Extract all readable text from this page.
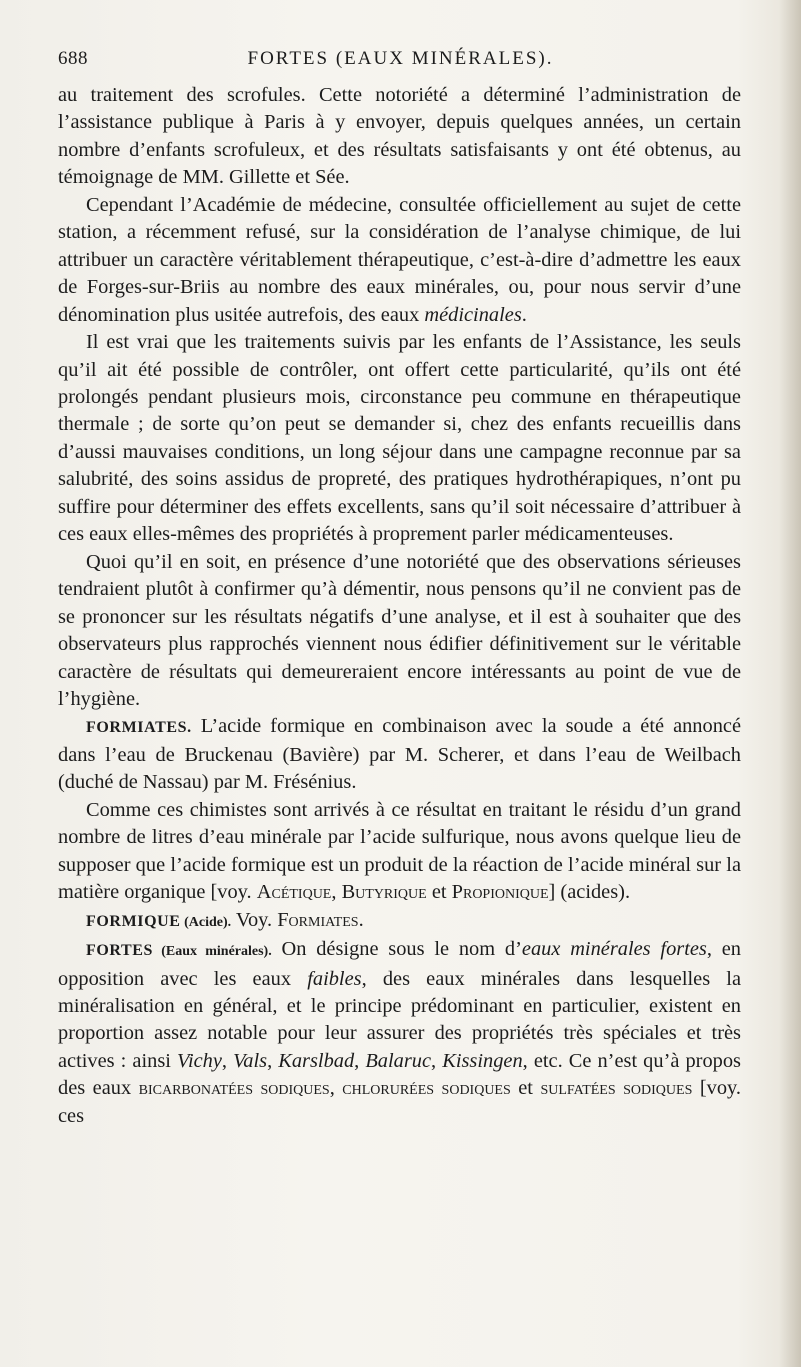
688	FORTES (EAUX MINÉRALES).

au traitement des scrofules. Cette notoriété a déterminé l’administration de l’assistance publique à Paris à y envoyer, depuis quelques années, un certain nombre d’enfants scrofuleux, et des résultats satisfaisants y ont été obtenus, au témoignage de MM. Gillette et Sée.

Cependant l’Académie de médecine, consultée officiellement au sujet de cette station, a récemment refusé, sur la considération de l’analyse chimique, de lui attribuer un caractère véritablement thérapeutique, c’est-à-dire d’admettre les eaux de Forges-sur-Briis au nombre des eaux minérales, ou, pour nous servir d’une dénomination plus usitée autrefois, des eaux médicinales.

Il est vrai que les traitements suivis par les enfants de l’Assistance, les seuls qu’il ait été possible de contrôler, ont offert cette particularité, qu’ils ont été prolongés pendant plusieurs mois, circonstance peu commune en thérapeutique thermale ; de sorte qu’on peut se demander si, chez des enfants recueillis dans d’aussi mauvaises conditions, un long séjour dans une campagne reconnue par sa salubrité, des soins assidus de propreté, des pratiques hydrothérapiques, n’ont pu suffire pour déterminer des effets excellents, sans qu’il soit nécessaire d’attribuer à ces eaux elles-mêmes des propriétés à proprement parler médicamenteuses.

Quoi qu’il en soit, en présence d’une notoriété que des observations sérieuses tendraient plutôt à confirmer qu’à démentir, nous pensons qu’il ne convient pas de se prononcer sur les résultats négatifs d’une analyse, et il est à souhaiter que des observateurs plus rapprochés viennent nous édifier définitivement sur le véritable caractère de résultats qui demeureraient encore intéressants au point de vue de l’hygiène.

FORMIATES. L’acide formique en combinaison avec la soude a été annoncé dans l’eau de Bruckenau (Bavière) par M. Scherer, et dans l’eau de Weilbach (duché de Nassau) par M. Frésénius.

Comme ces chimistes sont arrivés à ce résultat en traitant le résidu d’un grand nombre de litres d’eau minérale par l’acide sulfurique, nous avons quelque lieu de supposer que l’acide formique est un produit de la réaction de l’acide minéral sur la matière organique [voy. Acétique, Butyrique et Propionique] (acides).

FORMIQUE (Acide). Voy. Formiates.

FORTES (Eaux minérales). On désigne sous le nom d’eaux minérales fortes, en opposition avec les eaux faibles, des eaux minérales dans lesquelles la minéralisation en général, et le principe prédominant en particulier, existent en proportion assez notable pour leur assurer des propriétés très spéciales et très actives : ainsi Vichy, Vals, Karslbad, Balaruc, Kissingen, etc. Ce n’est qu’à propos des eaux bicarbonatées sodiques, chlorurées sodiques et sulfatées sodiques [voy. ces
